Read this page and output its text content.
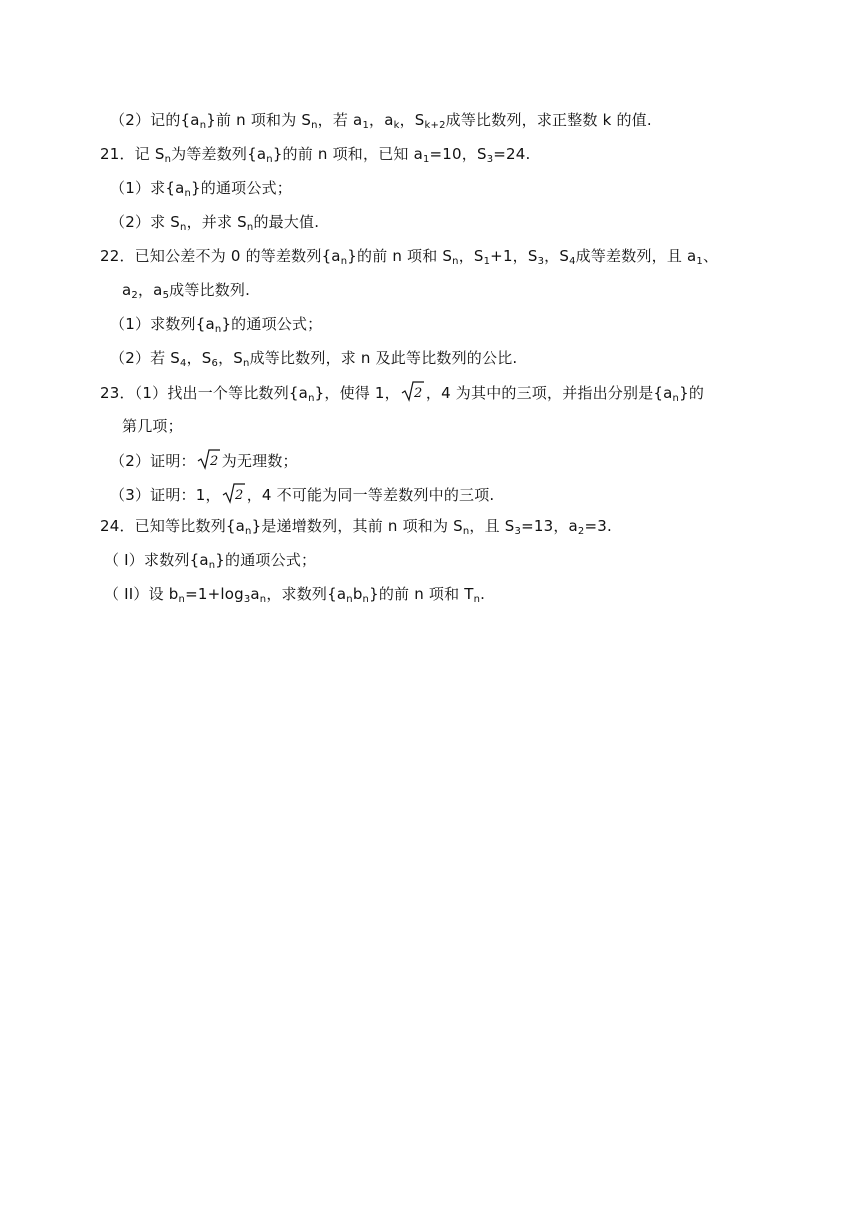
（2）记的$\{a_n\}$前 n 项和为 $S_n$，若 $a_1$，$a_k$，$S_{k+2}$成等比数列，求正整数 k 的值.
21．记 $S_n$为等差数列$\{a_n\}$的前 n 项和，已知 $a_1=10$，$S_3=24$.
（1）求$\{a_n\}$的通项公式；
（2）求 $S_n$，并求 $S_n$的最大值.
22．已知公差不为 0 的等差数列$\{a_n\}$的前 n 项和 $S_n$，$S_1+1$，$S_3$，$S_4$成等差数列，且 $a_1$、
$a_2$，$a_5$成等比数列.
（1）求数列$\{a_n\}$的通项公式；
（2）若 $S_4$，$S_6$，$S_n$成等比数列，求 n 及此等比数列的公比.
23．（1）找出一个等比数列$\{a_n\}$，使得 1， 2 ，4 为其中的三项，并指出分别是$\{a_n\}$的
第几项；
（2）证明： 2 为无理数；
（3）证明：1， 2 ，4 不可能为同一等差数列中的三项.
24．已知等比数列$\{a_n\}$是递增数列，其前 n 项和为 $S_n$，且 $S_3=13$，$a_2=3$.
（ I）求数列$\{a_n\}$的通项公式；
（ II）设 $b_n=1+\log_3a_n$，求数列$\{a_nb_n\}$的前 n 项和 $T_n$.
